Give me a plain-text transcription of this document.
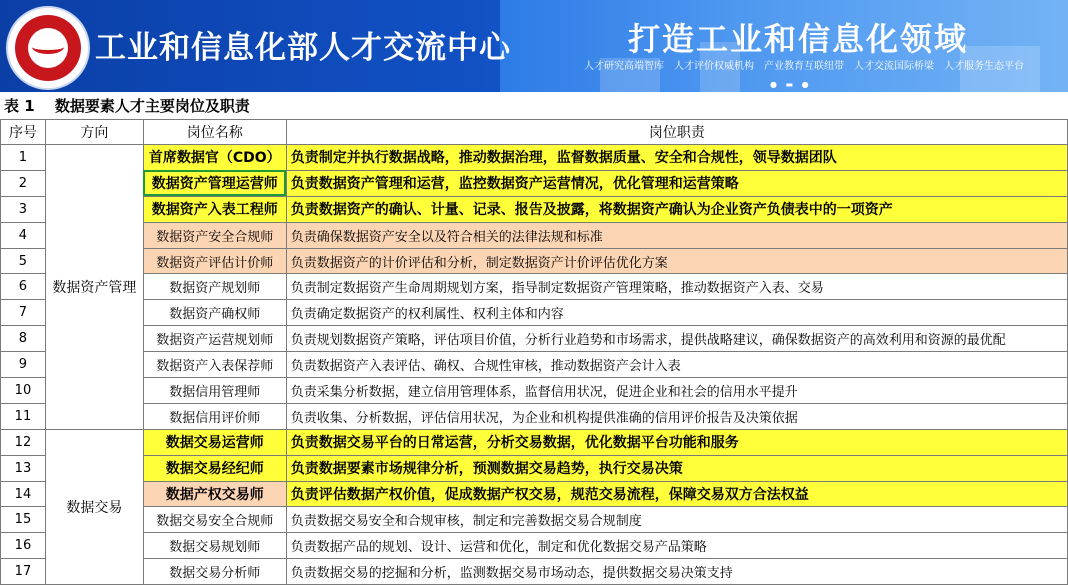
工业和信息化部人才交流中心	打造工业和信息化领域
人才研究高端智库　人才评价权威机构　产业教育互联纽带　人才交流国际桥梁　人才服务生态平台
● ▬ ●
表 1　 数据要素人才主要岗位及职责
序号	方向	岗位名称	岗位职责
1	数据资产管理	首席数据官（CDO）	负责制定并执行数据战略，推动数据治理，监督数据质量、安全和合规性，领导数据团队
2		数据资产管理运营师	负责数据资产管理和运营，监控数据资产运营情况，优化管理和运营策略
3		数据资产入表工程师	负责数据资产的确认、计量、记录、报告及披露，将数据资产确认为企业资产负债表中的一项资产
4		数据资产安全合规师	负责确保数据资产安全以及符合相关的法律法规和标准
5		数据资产评估计价师	负责数据资产的计价评估和分析，制定数据资产计价评估优化方案
6		数据资产规划师	负责制定数据资产生命周期规划方案，指导制定数据资产管理策略，推动数据资产入表、交易
7		数据资产确权师	负责确定数据资产的权利属性、权利主体和内容
8		数据资产运营规划师	负责规划数据资产策略，评估项目价值，分析行业趋势和市场需求，提供战略建议，确保数据资产的高效利用和资源的最优配
9		数据资产入表保荐师	负责数据资产入表评估、确权、合规性审核，推动数据资产会计入表
10		数据信用管理师	负责采集分析数据，建立信用管理体系，监督信用状况，促进企业和社会的信用水平提升
11		数据信用评价师	负责收集、分析数据，评估信用状况，为企业和机构提供准确的信用评价报告及决策依据
12	数据交易	数据交易运营师	负责数据交易平台的日常运营，分析交易数据，优化数据平台功能和服务
13		数据交易经纪师	负责数据要素市场规律分析，预测数据交易趋势，执行交易决策
14		数据产权交易师	负责评估数据产权价值，促成数据产权交易，规范交易流程，保障交易双方合法权益
15		数据交易安全合规师	负责数据交易安全和合规审核，制定和完善数据交易合规制度
16		数据交易规划师	负责数据产品的规划、设计、运营和优化，制定和优化数据交易产品策略
17		数据交易分析师	负责数据交易的挖掘和分析，监测数据交易市场动态，提供数据交易决策支持
